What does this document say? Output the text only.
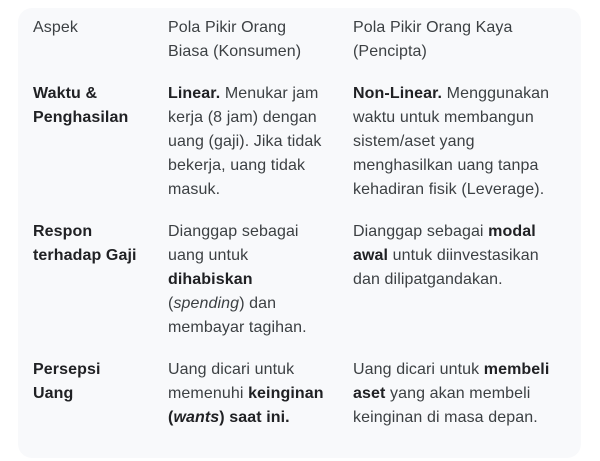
Aspek	Pola Pikir Orang Biasa (Konsumen)
Pola Pikir Orang Kaya (Pencipta)
Waktu & Penghasilan
Linear. Menukar jam kerja (8 jam) dengan uang (gaji). Jika tidak bekerja, uang tidak masuk.
Non-Linear. Menggunakan waktu untuk membangun sistem/aset yang menghasilkan uang tanpa kehadiran fisik (Leverage).
Respon terhadap Gaji
Dianggap sebagai uang untuk dihabiskan (spending) dan membayar tagihan.
Dianggap sebagai modal awal untuk diinvestasikan dan dilipatgandakan.
Persepsi Uang
Uang dicari untuk memenuhi keinginan (wants) saat ini.
Uang dicari untuk membeli aset yang akan membeli keinginan di masa depan.
